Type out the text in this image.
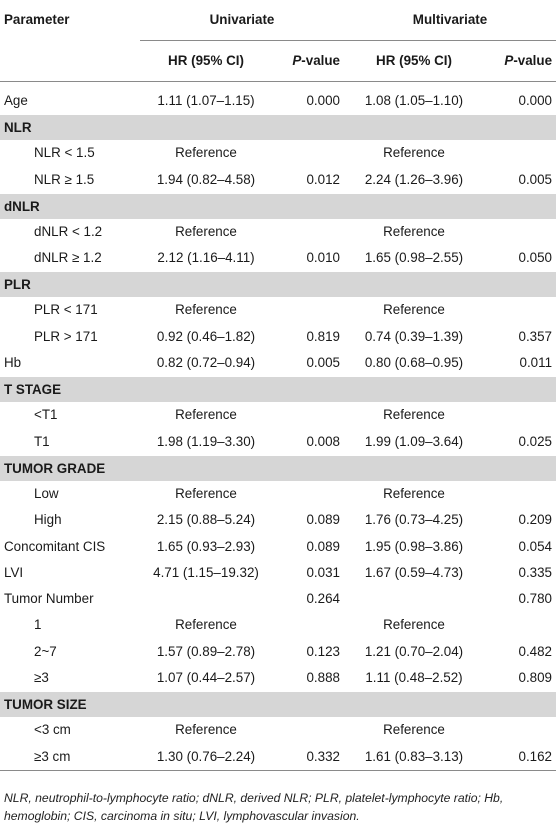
Parameter	Univariate		Multivariate	
	HR (95% CI)	P-value	HR (95% CI)	P-value

Age	1.11 (1.07–1.15)	0.000	1.08 (1.05–1.10)	0.000
NLR				
NLR < 1.5	Reference		Reference	
NLR ≥ 1.5	1.94 (0.82–4.58)	0.012	2.24 (1.26–3.96)	0.005
dNLR				
dNLR < 1.2	Reference		Reference	
dNLR ≥ 1.2	2.12 (1.16–4.11)	0.010	1.65 (0.98–2.55)	0.050
PLR				
PLR < 171	Reference		Reference	
PLR > 171	0.92 (0.46–1.82)	0.819	0.74 (0.39–1.39)	0.357
Hb	0.82 (0.72–0.94)	0.005	0.80 (0.68–0.95)	0.011
T STAGE				
<T1	Reference		Reference	
T1	1.98 (1.19–3.30)	0.008	1.99 (1.09–3.64)	0.025
TUMOR GRADE				
Low	Reference		Reference	
High	2.15 (0.88–5.24)	0.089	1.76 (0.73–4.25)	0.209
Concomitant CIS	1.65 (0.93–2.93)	0.089	1.95 (0.98–3.86)	0.054
LVI	4.71 (1.15–19.32)	0.031	1.67 (0.59–4.73)	0.335
Tumor Number		0.264		0.780
1	Reference		Reference	
2~7	1.57 (0.89–2.78)	0.123	1.21 (0.70–2.04)	0.482
≥3	1.07 (0.44–2.57)	0.888	1.11 (0.48–2.52)	0.809
TUMOR SIZE				
<3 cm	Reference		Reference	
≥3 cm	1.30 (0.76–2.24)	0.332	1.61 (0.83–3.13)	0.162

NLR, neutrophil-to-lymphocyte ratio; dNLR, derived NLR; PLR, platelet-lymphocyte ratio; Hb, hemoglobin; CIS, carcinoma in situ; LVI, lymphovascular invasion.
